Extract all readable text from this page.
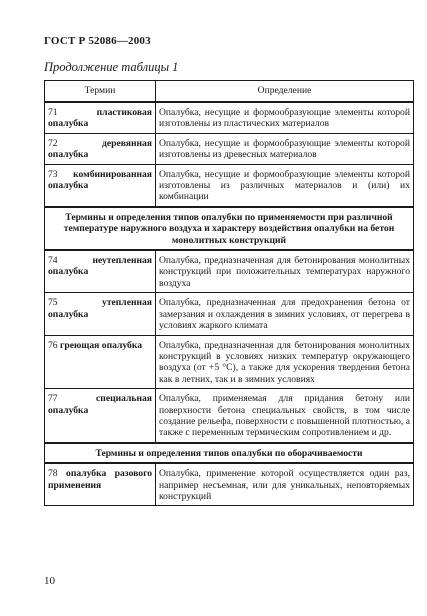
ГОСТ Р 52086—2003
Продолжение таблицы 1
Термин	Определение
71 пластиковая опалубка	Опалубка, несущие и формообразующие элементы которой изготовлены из пластических материалов
72 деревянная опалубка	Опалубка, несущие и формообразующие элементы которой изготовлены из древесных материалов
73 комбинированная опалубка	Опалубка, несущие и формообразующие элементы которой изготовлены из различных материалов и (или) их комбинации
Термины и определения типов опалубки по применяемости при различной температуре наружного воздуха и характеру воздействия опалубки на бетон монолитных конструкций	
74 неутепленная опалубка	Опалубка, предназначенная для бетонирования монолитных конструкций при положительных температурах наружного воздуха
75 утепленная опалубка	Опалубка, предназначенная для предохранения бетона от замерзания и охлаждения в зимних условиях, от перегрева в условиях жаркого климата
76 греющая опалубка	Опалубка, предназначенная для бетонирования монолитных конструкций в условиях низких температур окружающего воздуха (от +5 °С), а также для ускорения твердения бетона как в летних, так и в зимних условиях
77 специальная опалубка	Опалубка, применяемая для придания бетону или поверхности бетона специальных свойств, в том числе создание рельефа, поверхности с повышенной плотностью, а также с переменным термическим сопротивлением и др.
Термины и определения типов опалубки по оборачиваемости	
78 опалубка разового применения	Опалубка, применение которой осуществляется один раз, например несъемная, или для уникальных, неповторяемых конструкций
10
